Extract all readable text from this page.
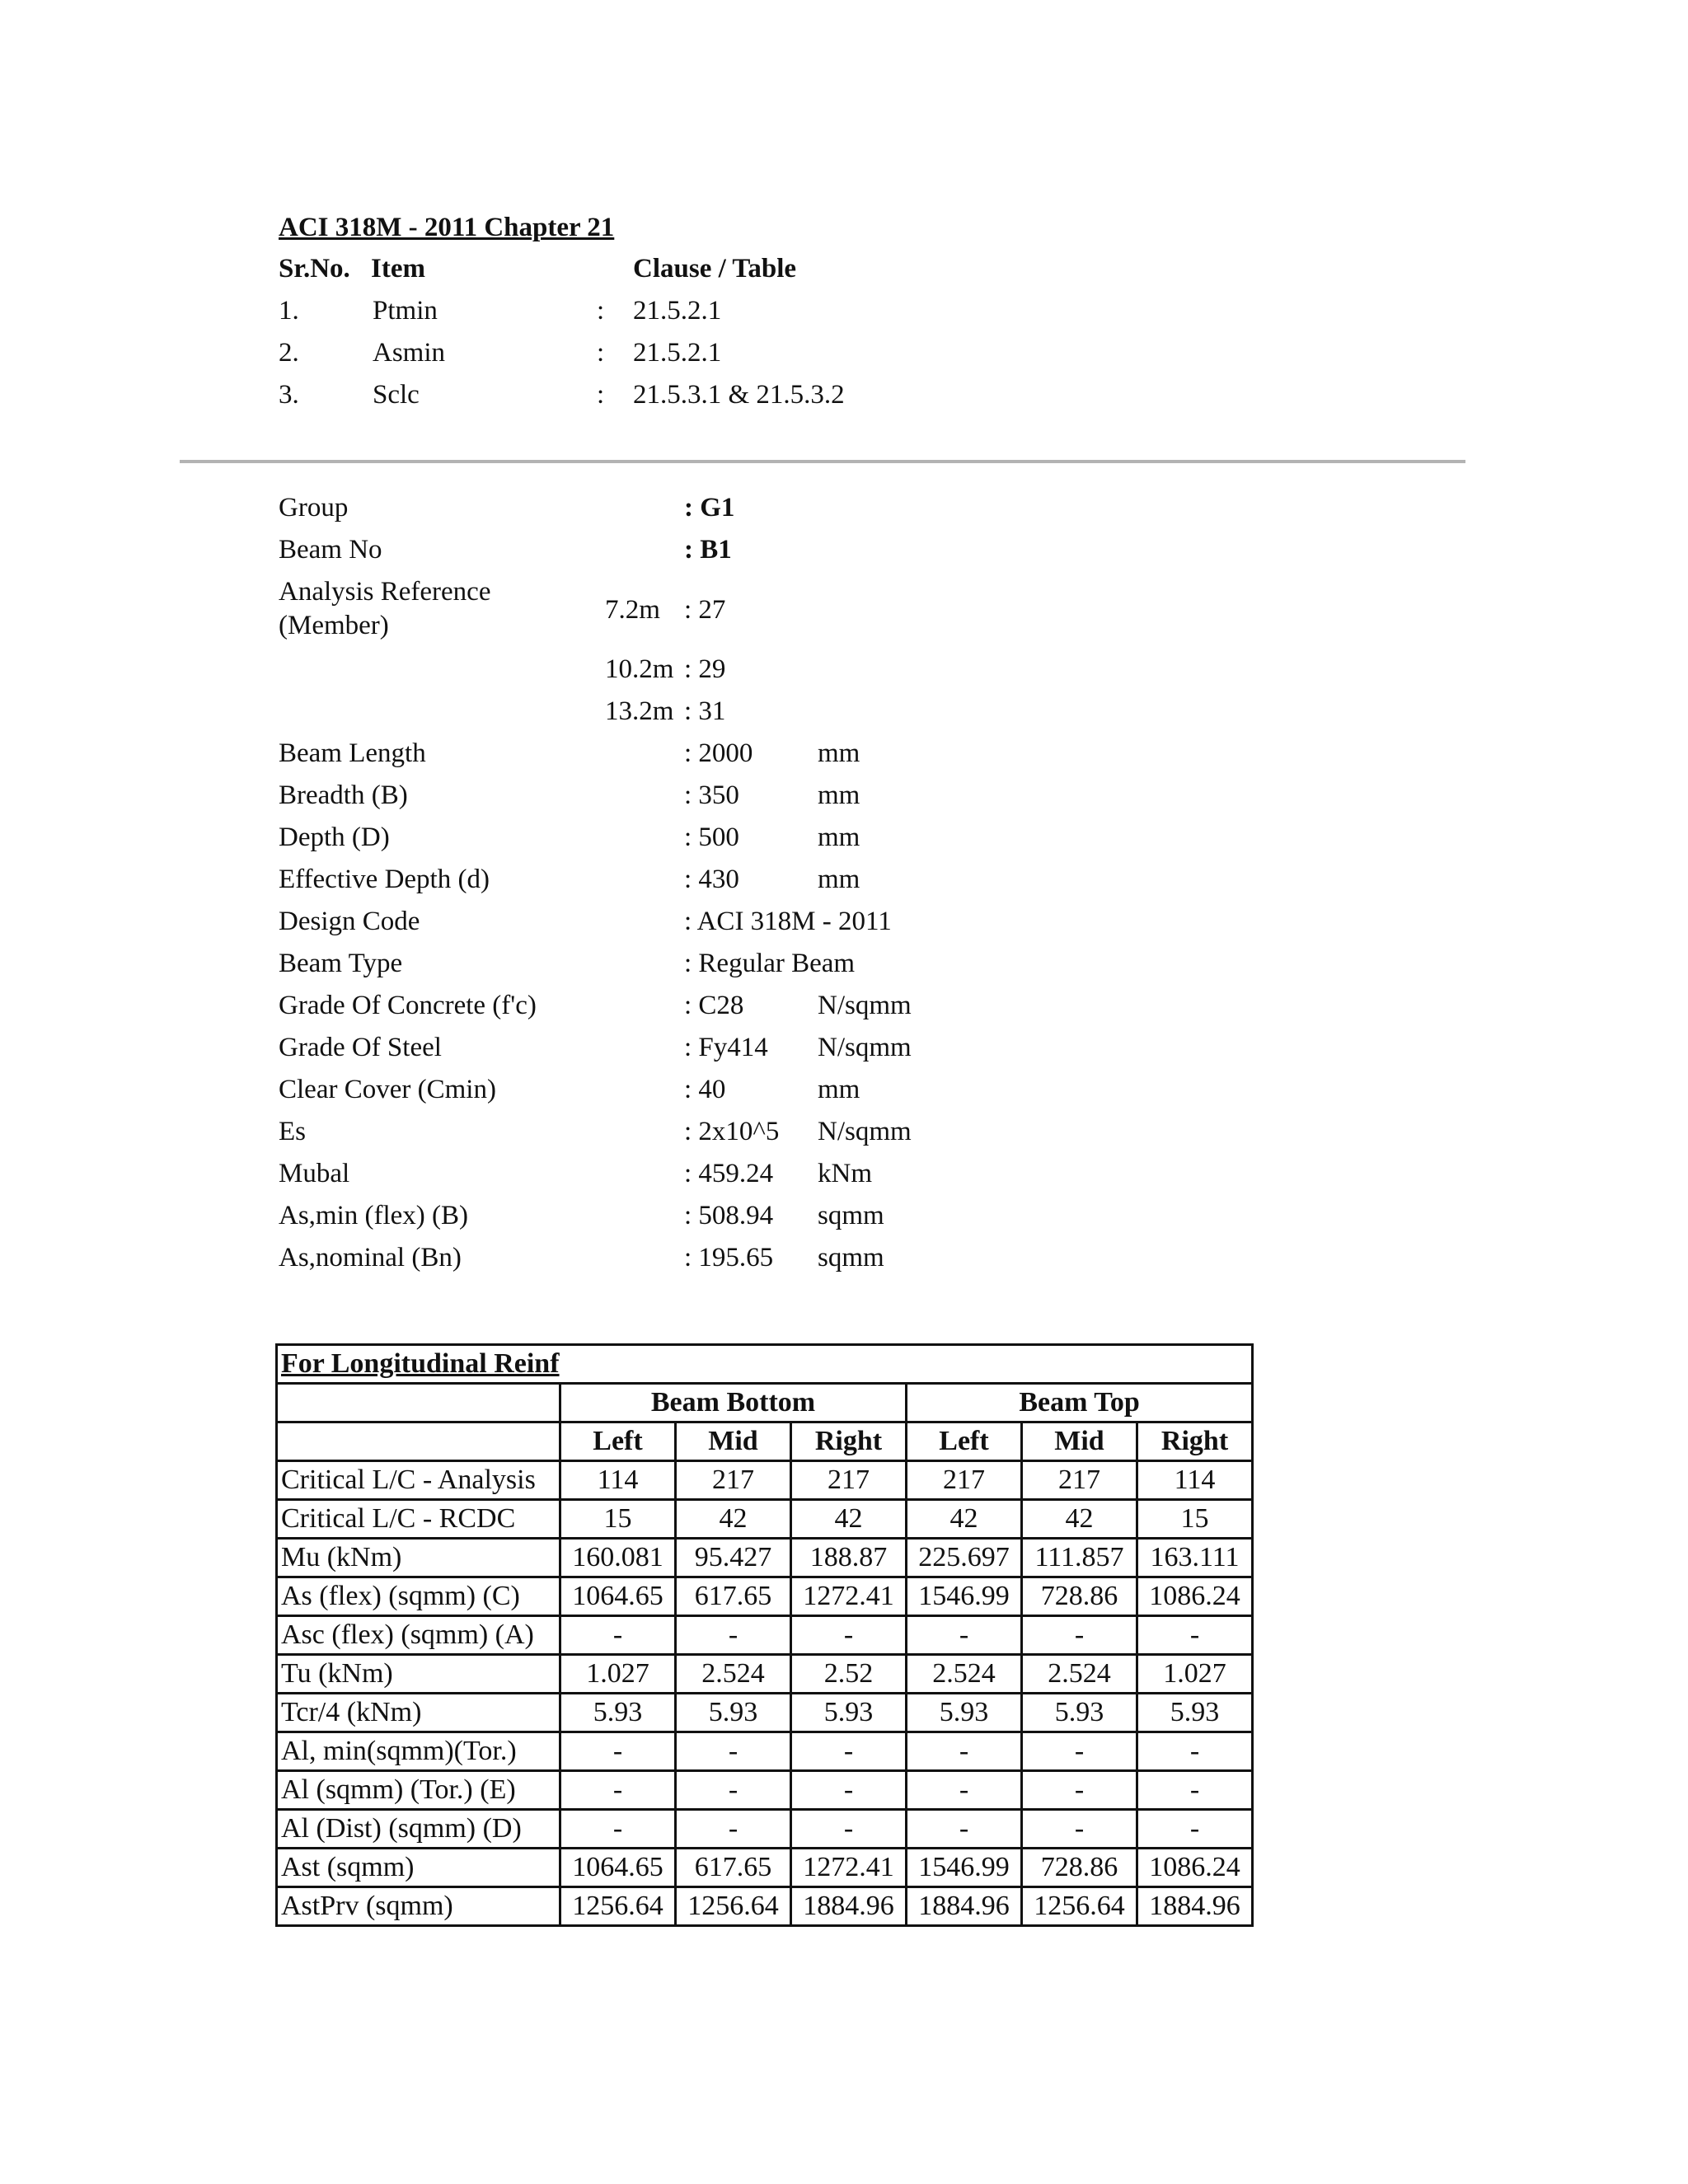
ACI 318M - 2011 Chapter 21
Sr.No. Item	Clause / Table
1.	Ptmin	: 21.5.2.1
2.	Asmin	: 21.5.2.1
3.	Sclc	: 21.5.3.1 & 21.5.3.2
Group	: G1
Beam No	: B1
Analysis Reference
(Member)
7.2m : 27
10.2m : 29
13.2m : 31
Beam Length	: 2000 mm
Breadth (B)	: 350	mm
Depth (D)	: 500	mm
Effective Depth (d)	: 430	mm
Design Code	: ACI 318M - 2011
Beam Type	: Regular Beam
Grade Of Concrete (f'c)	: C28	N/sqmm
Grade Of Steel	: Fy414 N/sqmm
Clear Cover (Cmin)	: 40	mm
Es	: 2x10^5 N/sqmm
Mubal	: 459.24 kNm
As,min (flex) (B)	: 508.94 sqmm
As,nominal (Bn)	: 195.65 sqmm
For Longitudinal Reinf						
	Beam Bottom			Beam Top		
	Left	Mid	Right	Left	Mid	Right
Critical L/C - Analysis	114	217	217	217	217	114
Critical L/C - RCDC	15	42	42	42	42	15
Mu (kNm)	160.081	95.427	188.87	225.697	111.857	163.111
As (flex) (sqmm) (C)	1064.65	617.65	1272.41	1546.99	728.86	1086.24
Asc (flex) (sqmm) (A)	-	-	-	-	-	-
Tu (kNm)	1.027	2.524	2.52	2.524	2.524	1.027
Tcr/4 (kNm)	5.93	5.93	5.93	5.93	5.93	5.93
Al, min(sqmm)(Tor.)	-	-	-	-	-	-
Al (sqmm) (Tor.) (E)	-	-	-	-	-	-
Al (Dist) (sqmm) (D)	-	-	-	-	-	-
Ast (sqmm)	1064.65	617.65	1272.41	1546.99	728.86	1086.24
AstPrv (sqmm)	1256.64	1256.64	1884.96	1884.96	1256.64	1884.96
